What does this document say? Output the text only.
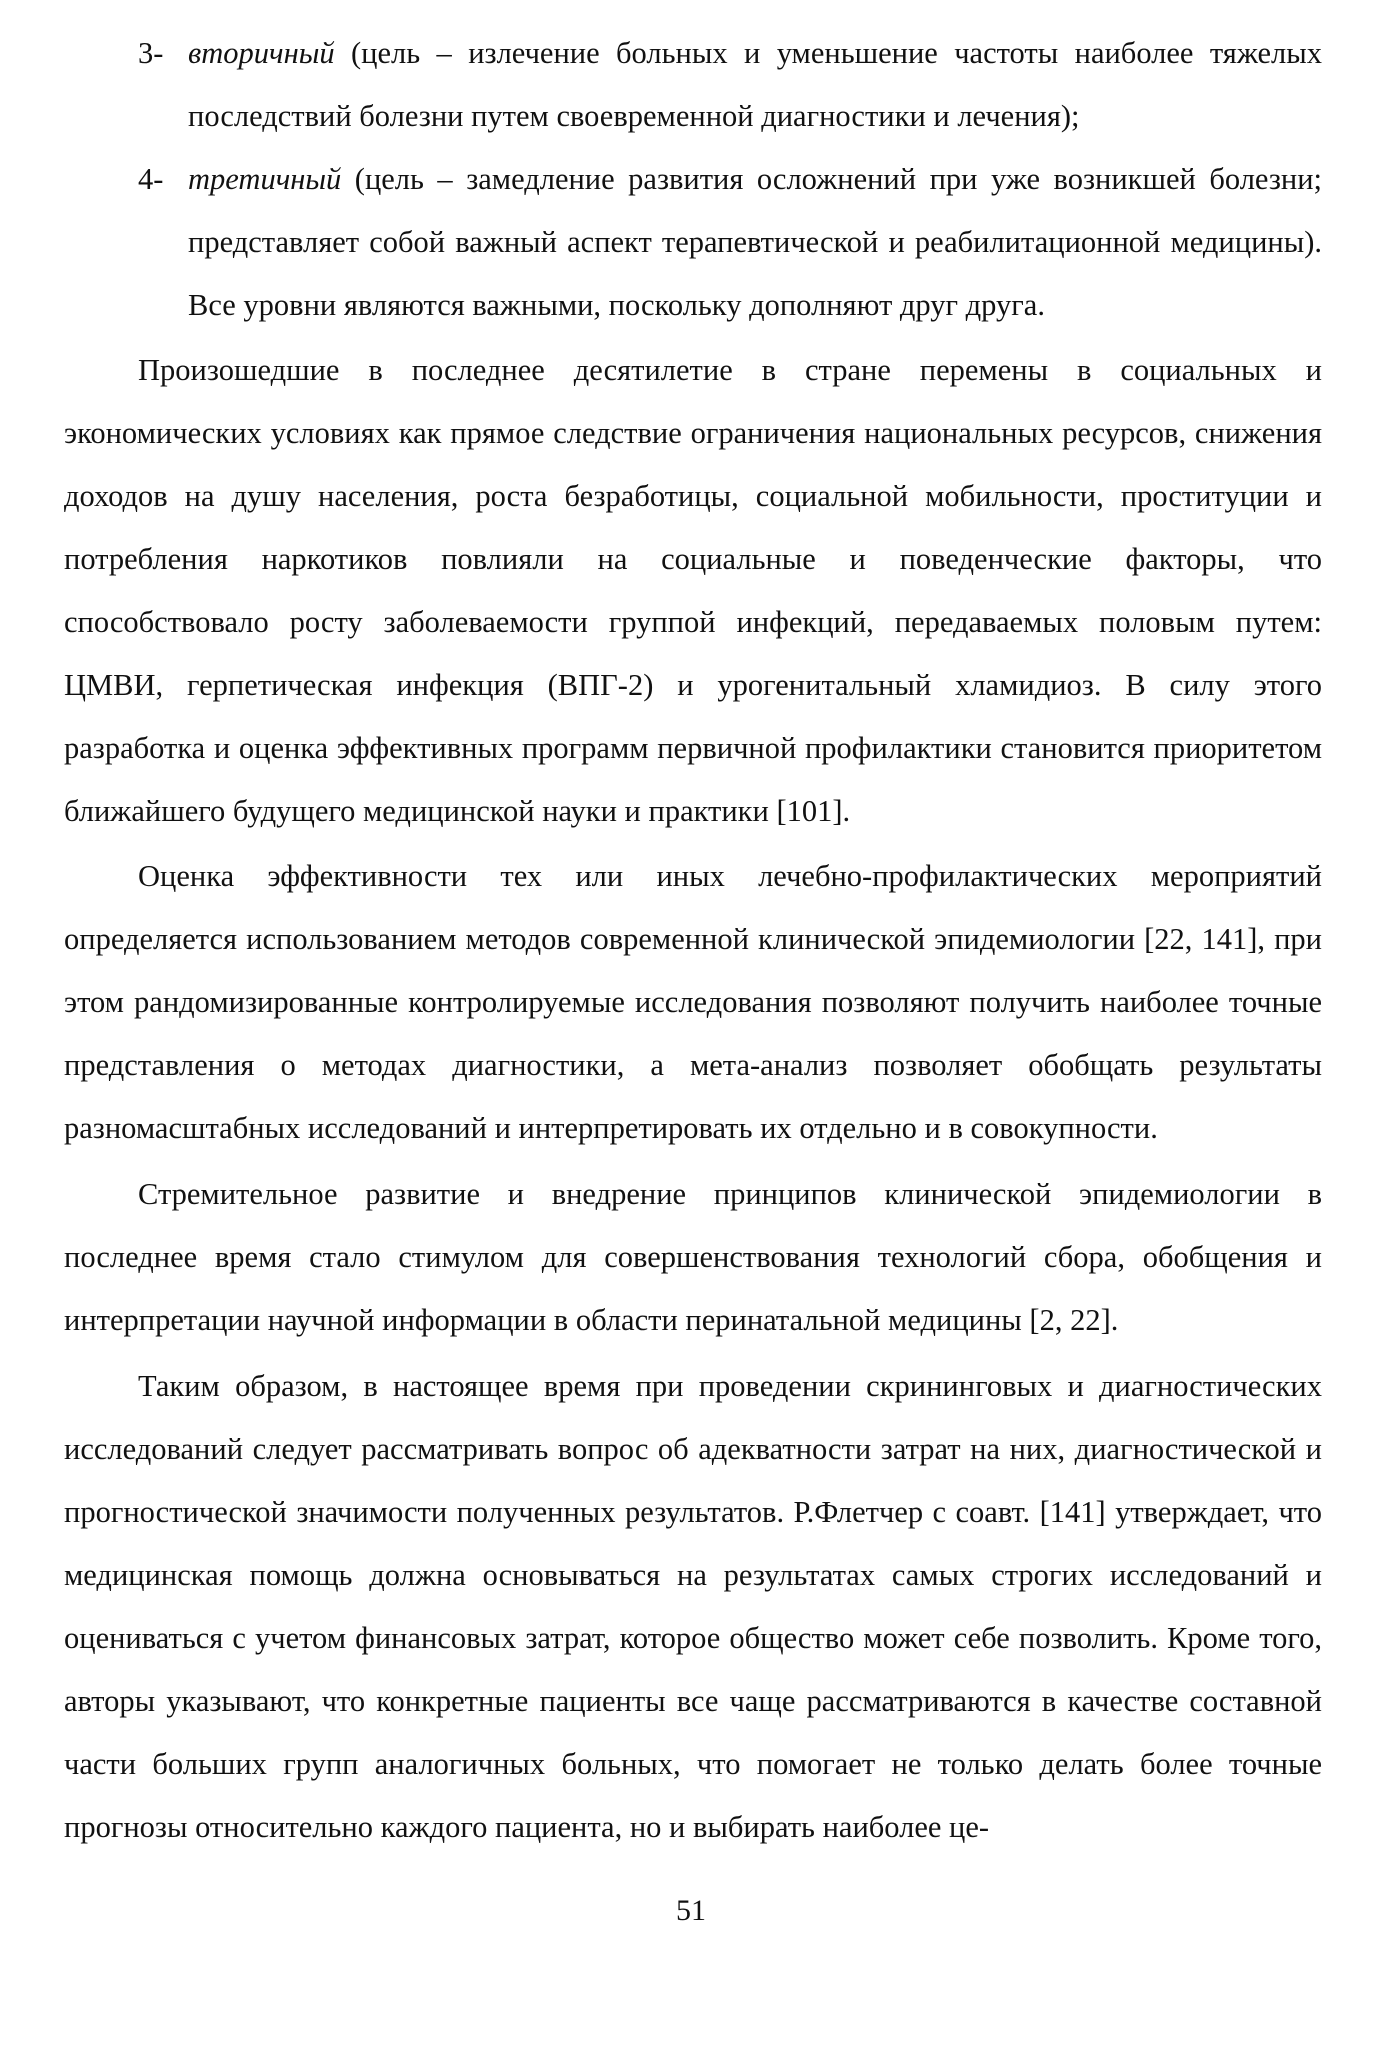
3- вторичный (цель – излечение больных и уменьшение частоты наиболее тяжелых последствий болезни путем своевременной диагностики и лечения);
4- третичный (цель – замедление развития осложнений при уже возникшей болезни; представляет собой важный аспект терапевтической и реабилитационной медицины). Все уровни являются важными, поскольку дополняют друг друга.

Произошедшие в последнее десятилетие в стране перемены в социальных и экономических условиях как прямое следствие ограничения национальных ресурсов, снижения доходов на душу населения, роста безработицы, социальной мобильности, проституции и потребления наркотиков повлияли на социальные и поведенческие факторы, что способствовало росту заболеваемости группой инфекций, передаваемых половым путем: ЦМВИ, герпетическая инфекция (ВПГ-2) и урогенитальный хламидиоз. В силу этого разработка и оценка эффективных программ первичной профилактики становится приоритетом ближайшего будущего медицинской науки и практики [101].

Оценка эффективности тех или иных лечебно-профилактических мероприятий определяется использованием методов современной клинической эпидемиологии [22, 141], при этом рандомизированные контролируемые исследования позволяют получить наиболее точные представления о методах диагностики, а мета-анализ позволяет обобщать результаты разномасштабных исследований и интерпретировать их отдельно и в совокупности.

Стремительное развитие и внедрение принципов клинической эпидемиологии в последнее время стало стимулом для совершенствования технологий сбора, обобщения и интерпретации научной информации в области перинатальной медицины [2, 22].

Таким образом, в настоящее время при проведении скрининговых и диагностических исследований следует рассматривать вопрос об адекватности затрат на них, диагностической и прогностической значимости полученных результатов. Р.Флетчер с соавт. [141] утверждает, что медицинская помощь должна основываться на результатах самых строгих исследований и оцениваться с учетом финансовых затрат, которое общество может себе позволить. Кроме того, авторы указывают, что конкретные пациенты все чаще рассматриваются в качестве составной части больших групп аналогичных больных, что помогает не только делать более точные прогнозы относительно каждого пациента, но и выбирать наиболее це-

51
